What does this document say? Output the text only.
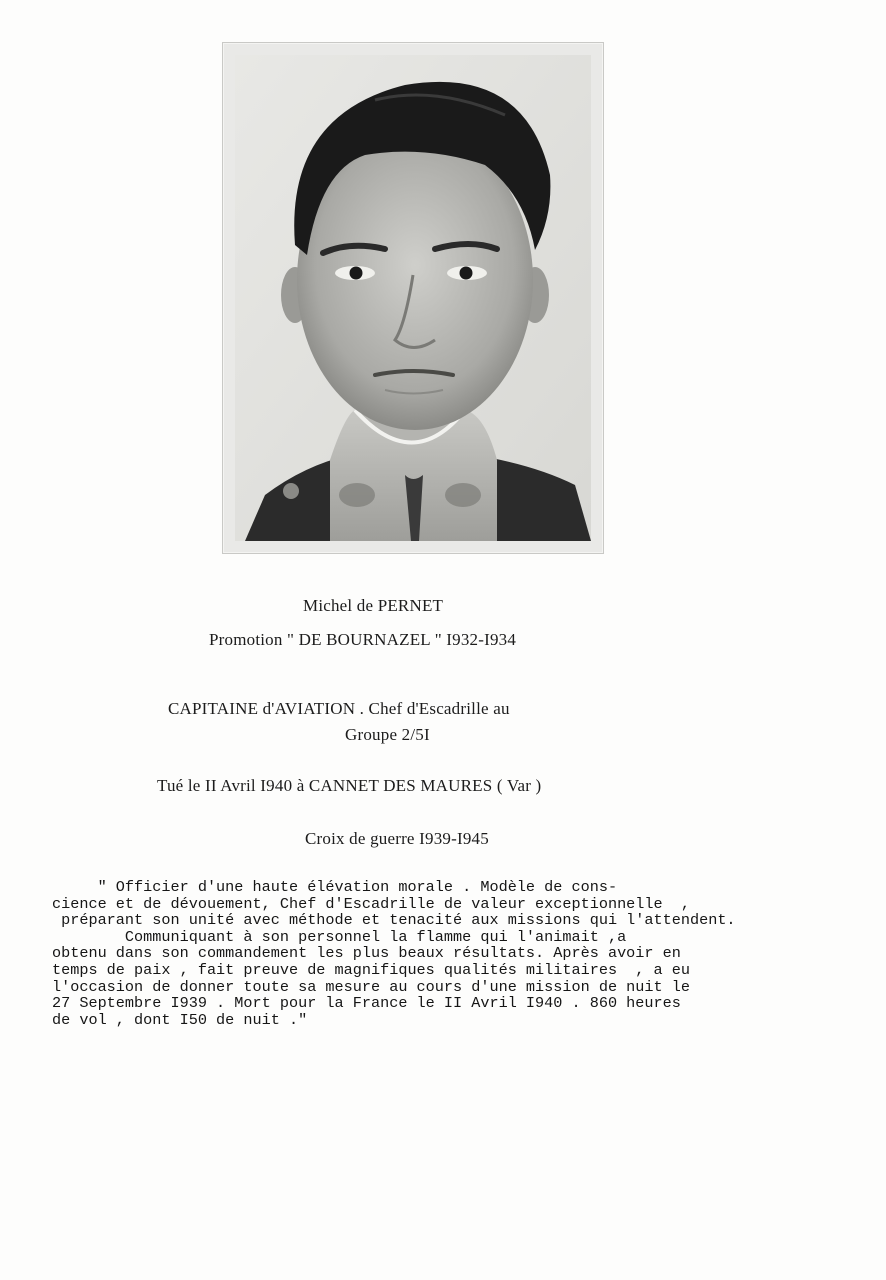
Michel de PERNET
Promotion " DE BOURNAZEL " I932-I934
CAPITAINE d'AVIATION . Chef d'Escadrille au
Groupe 2/5I
Tué le II Avril I940 à CANNET DES MAURES ( Var )
Croix de guerre I939-I945
" Officier d'une haute élévation morale . Modèle de cons-
cience et de dévouement, Chef d'Escadrille de valeur exceptionnelle  ,
préparant son unité avec méthode et tenacité aux missions qui l'attendent.
Communiquant à son personnel la flamme qui l'animait ,a
obtenu dans son commandement les plus beaux résultats. Après avoir en
temps de paix , fait preuve de magnifiques qualités militaires  , a eu
l'occasion de donner toute sa mesure au cours d'une mission de nuit le
27 Septembre I939 . Mort pour la France le II Avril I940 . 860 heures
de vol , dont I50 de nuit ."
